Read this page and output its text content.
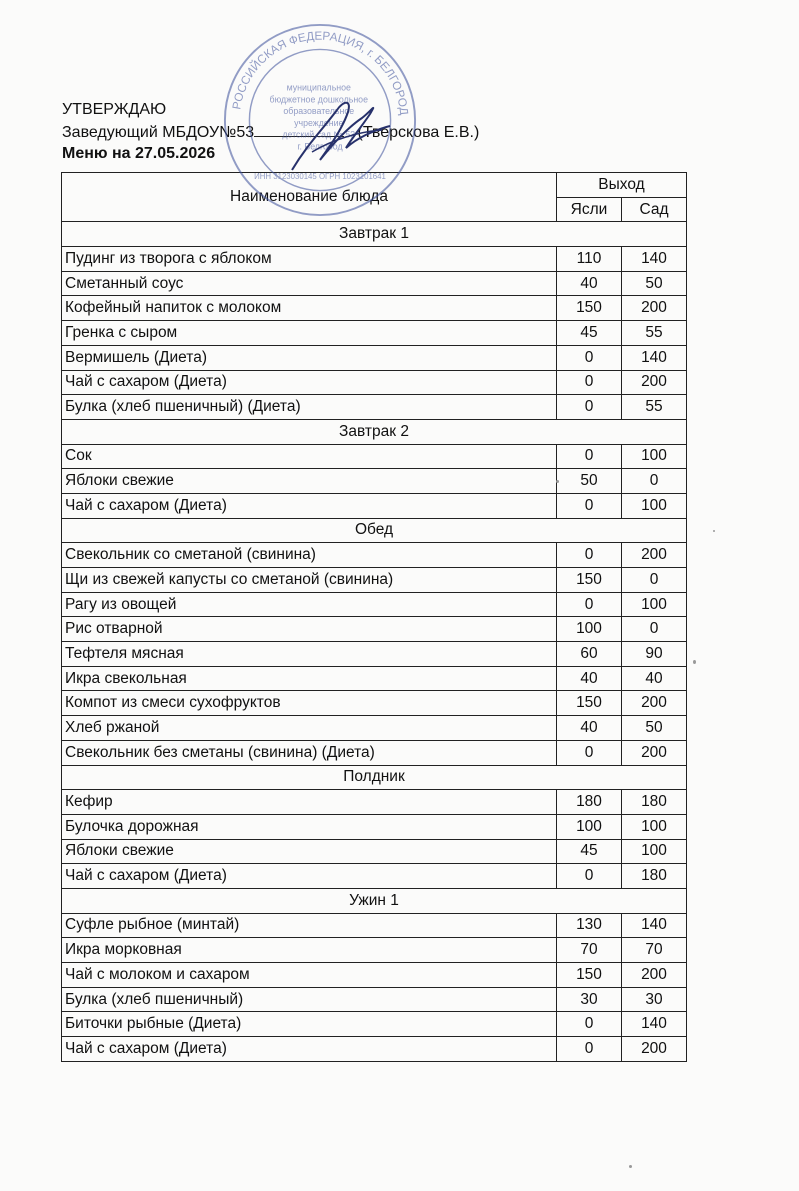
УТВЕРЖДАЮ
Заведующий МБДОУ№53	(Тверскова Е.В.)
Меню на 27.05.2026
Наименование блюда	Выход	
	Ясли	Сад
Завтрак 1		
Пудинг из творога с яблоком	110	140
Сметанный соус	40	50
Кофейный напиток с молоком	150	200
Гренка с сыром	45	55
Вермишель (Диета)	0	140
Чай с сахаром (Диета)	0	200
Булка (хлеб пшеничный) (Диета)	0	55
Завтрак 2		
Сок	0	100
Яблоки свежие	50	0
Чай с сахаром (Диета)	0	100
Обед		
Свекольник со сметаной (свинина)	0	200
Щи из свежей капусты со сметаной (свинина)	150	0
Рагу из овощей	0	100
Рис отварной	100	0
Тефтеля мясная	60	90
Икра свекольная	40	40
Компот из смеси сухофруктов	150	200
Хлеб ржаной	40	50
Свекольник без сметаны (свинина) (Диета)	0	200
Полдник		
Кефир	180	180
Булочка дорожная	100	100
Яблоки свежие	45	100
Чай с сахаром (Диета)	0	180
Ужин 1		
Суфле рыбное (минтай)	130	140
Икра морковная	70	70
Чай с молоком и сахаром	150	200
Булка (хлеб пшеничный)	30	30
Биточки рыбные (Диета)	0	140
Чай с сахаром (Диета)	0	200
РОССИЙСКАЯ ФЕДЕРАЦИЯ, г. БЕЛГОРОД
муниципальное бюджетное дошкольное образовательное учреждение детский сад № 53 г. Белгород
ИНН 3123030145 ОГРН 1023101641
